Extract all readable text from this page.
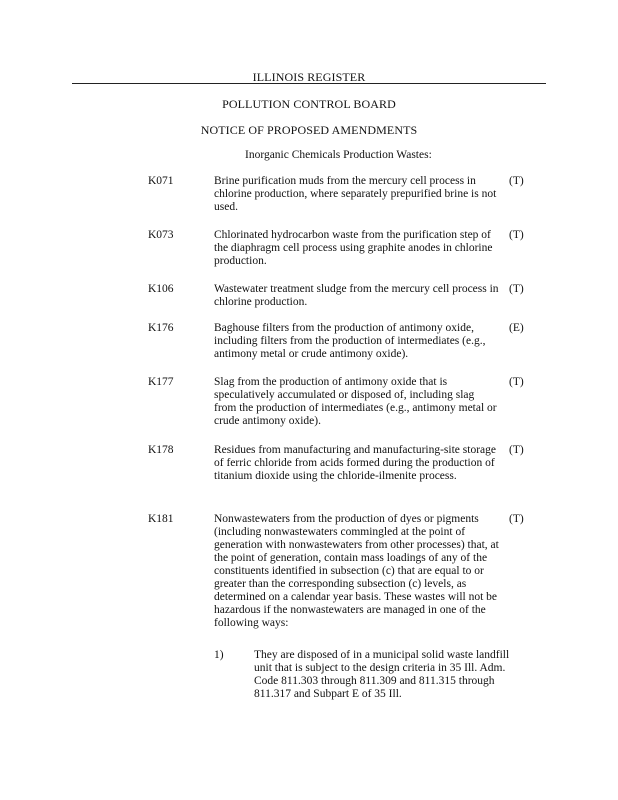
ILLINOIS REGISTER
POLLUTION CONTROL BOARD
NOTICE OF PROPOSED AMENDMENTS
Inorganic Chemicals Production Wastes:
K071	Brine purification muds from the mercury cell process in chlorine production, where separately prepurified brine is not used.
(T)
K073	Chlorinated hydrocarbon waste from the purification step of the diaphragm cell process using graphite anodes in chlorine production.
(T)
K106	Wastewater treatment sludge from the mercury cell process in chlorine production.
(T)
K176	Baghouse filters from the production of antimony oxide, including filters from the production of intermediates (e.g., antimony metal or crude antimony oxide).
(E)
K177	Slag from the production of antimony oxide that is speculatively accumulated or disposed of, including slag from the production of intermediates (e.g., antimony metal or crude antimony oxide).
(T)
K178	Residues from manufacturing and manufacturing-site storage of ferric chloride from acids formed during the production of titanium dioxide using the chloride-ilmenite process.
(T)
K181	Nonwastewaters from the production of dyes or pigments (including nonwastewaters commingled at the point of generation with nonwastewaters from other processes) that, at the point of generation, contain mass loadings of any of the constituents identified in subsection (c) that are equal to or greater than the corresponding subsection (c) levels, as determined on a calendar year basis. These wastes will not be hazardous if the nonwastewaters are managed in one of the following ways:
(T)
1)	They are disposed of in a municipal solid waste landfill unit that is subject to the design criteria in 35 Ill. Adm. Code 811.303 through 811.309 and 811.315 through 811.317 and Subpart E of 35 Ill.
